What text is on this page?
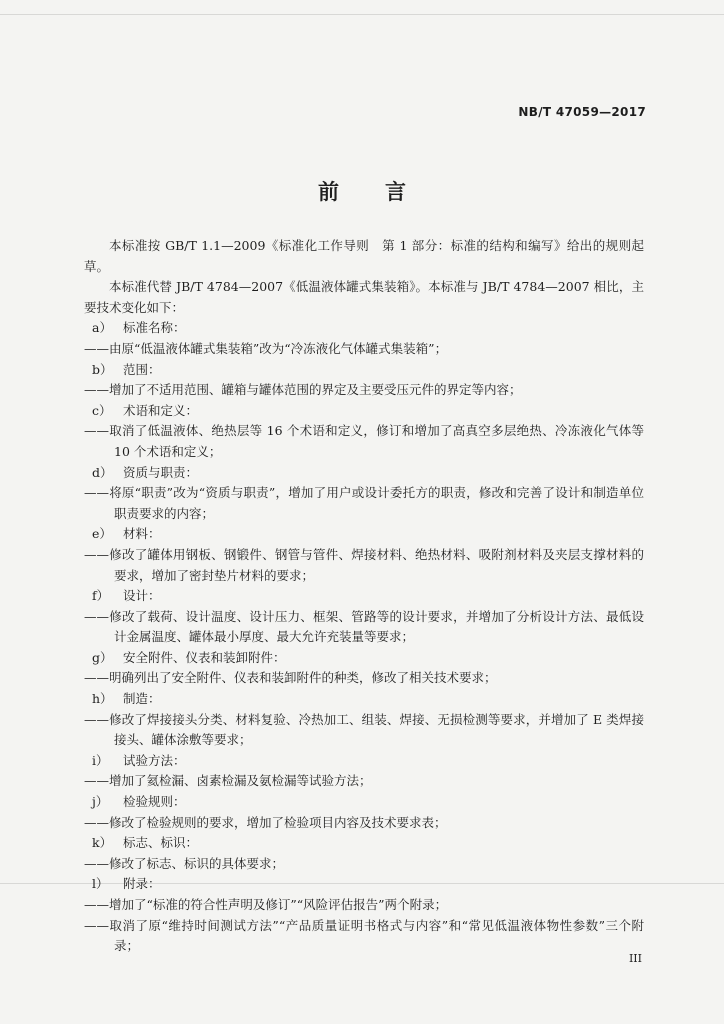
NB/T 47059—2017
前言

本标准按 GB/T 1.1—2009《标准化工作导则　第 1 部分：标准的结构和编写》给出的规则起草。

本标准代替 JB/T 4784—2007《低温液体罐式集装箱》。本标准与 JB/T 4784—2007 相比，主要技术变化如下：

a） 标准名称：

——由原“低温液体罐式集装箱”改为“冷冻液化气体罐式集装箱”；

b） 范围：

——增加了不适用范围、罐箱与罐体范围的界定及主要受压元件的界定等内容；

c） 术语和定义：

——取消了低温液体、绝热层等 16 个术语和定义，修订和增加了高真空多层绝热、冷冻液化气体等 10 个术语和定义；

d） 资质与职责：

——将原“职责”改为“资质与职责”，增加了用户或设计委托方的职责，修改和完善了设计和制造单位职责要求的内容；

e） 材料：

——修改了罐体用钢板、钢锻件、钢管与管件、焊接材料、绝热材料、吸附剂材料及夹层支撑材料的要求，增加了密封垫片材料的要求；

f） 设计：

——修改了载荷、设计温度、设计压力、框架、管路等的设计要求，并增加了分析设计方法、最低设计金属温度、罐体最小厚度、最大允许充装量等要求；

g） 安全附件、仪表和装卸附件：

——明确列出了安全附件、仪表和装卸附件的种类，修改了相关技术要求；

h） 制造：

——修改了焊接接头分类、材料复验、冷热加工、组装、焊接、无损检测等要求，并增加了 E 类焊接接头、罐体涂敷等要求；

i） 试验方法：

——增加了氦检漏、卤素检漏及氨检漏等试验方法；

j） 检验规则：

——修改了检验规则的要求，增加了检验项目内容及技术要求表；

k） 标志、标识：

——修改了标志、标识的具体要求；

l） 附录：

——增加了“标准的符合性声明及修订”“风险评估报告”两个附录；

——取消了原“维持时间测试方法”“产品质量证明书格式与内容”和“常见低温液体物性参数”三个附录；

III
